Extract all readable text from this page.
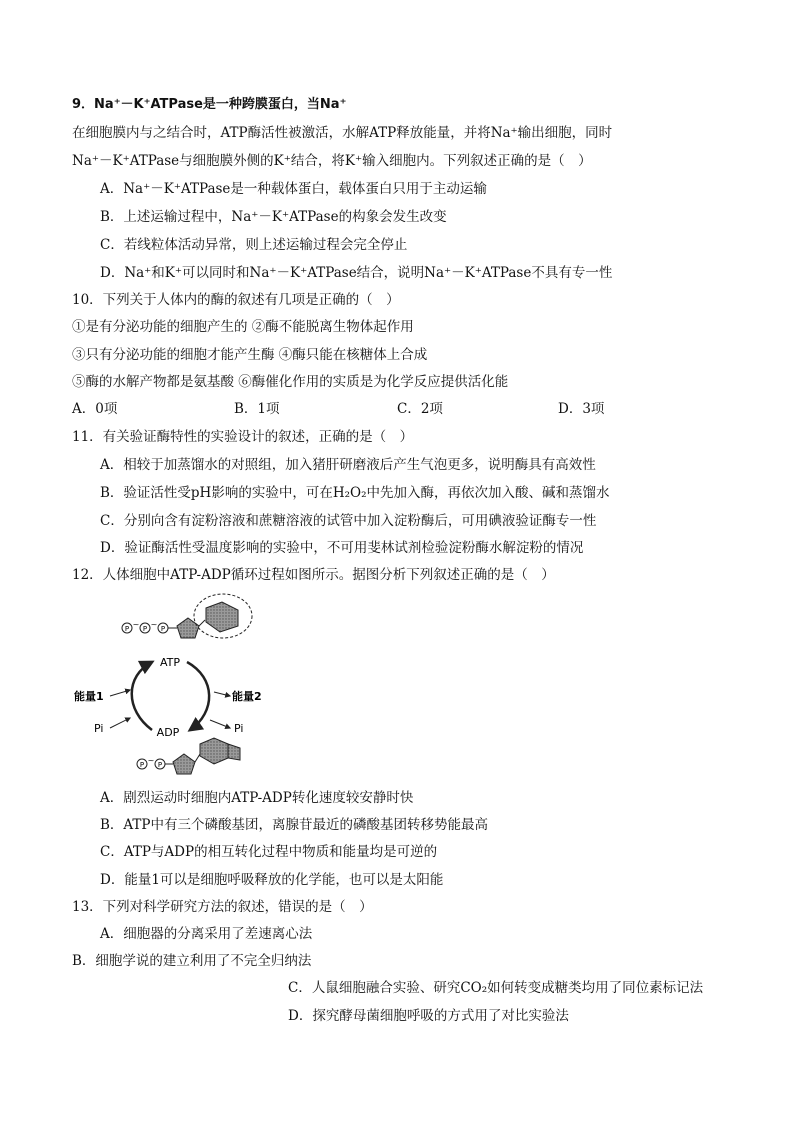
9．Na⁺－K⁺ATPase是一种跨膜蛋白，当Na⁺
在细胞膜内与之结合时，ATP酶活性被激活，水解ATP释放能量，并将Na⁺输出细胞，同时
Na⁺－K⁺ATPase与细胞膜外侧的K⁺结合，将K⁺输入细胞内。下列叙述正确的是（　）
A．Na⁺－K⁺ATPase是一种载体蛋白，载体蛋白只用于主动运输
B．上述运输过程中，Na⁺－K⁺ATPase的构象会发生改变
C．若线粒体活动异常，则上述运输过程会完全停止
D．Na⁺和K⁺可以同时和Na⁺－K⁺ATPase结合，说明Na⁺－K⁺ATPase不具有专一性
10．下列关于人体内的酶的叙述有几项是正确的（　）
①是有分泌功能的细胞产生的 ②酶不能脱离生物体起作用
③只有分泌功能的细胞才能产生酶 ④酶只能在核糖体上合成
⑤酶的水解产物都是氨基酸 ⑥酶催化作用的实质是为化学反应提供活化能
A．0项	B．1项	C．2项	D．3项
11．有关验证酶特性的实验设计的叙述，正确的是（　）
A．相较于加蒸馏水的对照组，加入猪肝研磨液后产生气泡更多，说明酶具有高效性
B．验证活性受pH影响的实验中，可在H₂O₂中先加入酶，再依次加入酸、碱和蒸馏水
C．分别向含有淀粉溶液和蔗糖溶液的试管中加入淀粉酶后，可用碘液验证酶专一性
D．验证酶活性受温度影响的实验中，不可用斐林试剂检验淀粉酶水解淀粉的情况
12．人体细胞中ATP-ADP循环过程如图所示。据图分析下列叙述正确的是（　）
P ~ P ~ P
ATP
ADP
能量1
Pi
能量2
Pi
P ~ P
A．剧烈运动时细胞内ATP-ADP转化速度较安静时快
B．ATP中有三个磷酸基团，离腺苷最近的磷酸基团转移势能最高
C．ATP与ADP的相互转化过程中物质和能量均是可逆的
D．能量1可以是细胞呼吸释放的化学能，也可以是太阳能
13．下列对科学研究方法的叙述，错误的是（　）
A．细胞器的分离采用了差速离心法
B．细胞学说的建立利用了不完全归纳法
C．人鼠细胞融合实验、研究CO₂如何转变成糖类均用了同位素标记法
D．探究酵母菌细胞呼吸的方式用了对比实验法
